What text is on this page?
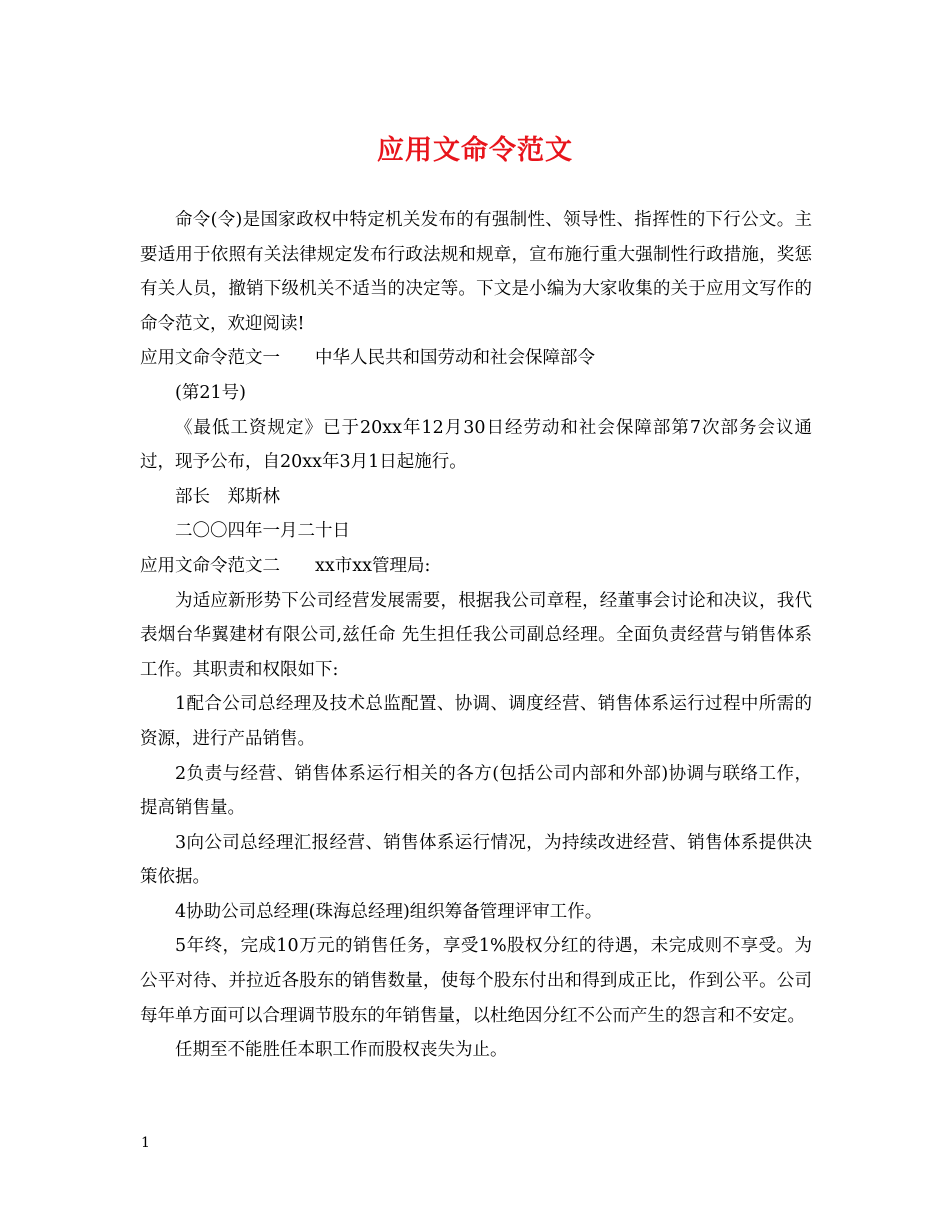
应用文命令范文

命令(令)是国家政权中特定机关发布的有强制性、领导性、指挥性的下行公文。主要适用于依照有关法律规定发布行政法规和规章，宣布施行重大强制性行政措施，奖惩有关人员，撤销下级机关不适当的决定等。下文是小编为大家收集的关于应用文写作的命令范文，欢迎阅读!

应用文命令范文一　　中华人民共和国劳动和社会保障部令

(第21号)

《最低工资规定》已于20xx年12月30日经劳动和社会保障部第7次部务会议通过，现予公布，自20xx年3月1日起施行。

部长　郑斯林

二〇〇四年一月二十日

应用文命令范文二　　xx市xx管理局:

为适应新形势下公司经营发展需要，根据我公司章程，经董事会讨论和决议，我代表烟台华翼建材有限公司,兹任命 先生担任我公司副总经理。全面负责经营与销售体系工作。其职责和权限如下:

1配合公司总经理及技术总监配置、协调、调度经营、销售体系运行过程中所需的资源，进行产品销售。

2负责与经营、销售体系运行相关的各方(包括公司内部和外部)协调与联络工作，提高销售量。

3向公司总经理汇报经营、销售体系运行情况，为持续改进经营、销售体系提供决策依据。

4协助公司总经理(珠海总经理)组织筹备管理评审工作。

5年终，完成10万元的销售任务，享受1%股权分红的待遇，未完成则不享受。为公平对待、并拉近各股东的销售数量，使每个股东付出和得到成正比，作到公平。公司每年单方面可以合理调节股东的年销售量，以杜绝因分红不公而产生的怨言和不安定。

任期至不能胜任本职工作而股权丧失为止。

1
